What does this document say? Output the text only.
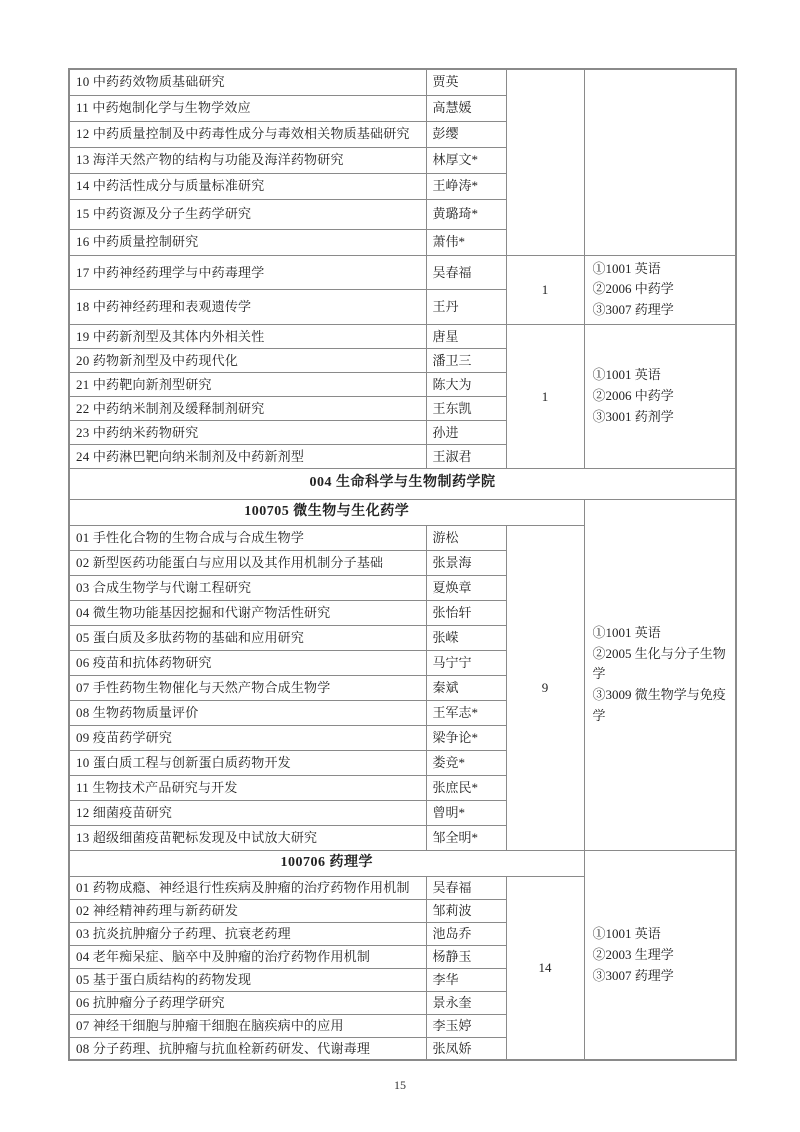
10 中药药效物质基础研究	贾英		
11 中药炮制化学与生物学效应	高慧媛		
12 中药质量控制及中药毒性成分与毒效相关物质基础研究	彭缨		
13 海洋天然产物的结构与功能及海洋药物研究	林厚文*		
14 中药活性成分与质量标准研究	王峥涛*		
15 中药资源及分子生药学研究	黄璐琦*		
16 中药质量控制研究	萧伟*		
17 中药神经药理学与中药毒理学	吴春福	1	①1001 英语
②2006 中药学
③3007 药理学

18 中药神经药理和表观遗传学	王丹		
19 中药新剂型及其体内外相关性	唐星	1	①1001 英语
②2006 中药学
③3001 药剂学

20 药物新剂型及中药现代化	潘卫三		
21 中药靶向新剂型研究	陈大为		
22 中药纳米制剂及缓释制剂研究	王东凯		
23 中药纳米药物研究	孙进		
24 中药淋巴靶向纳米制剂及中药新剂型	王淑君		
004 生命科学与生物制药学院			
100705 微生物与生化药学			①1001 英语
②2005 生化与分子生物学
③3009 微生物学与免疫学

01 手性化合物的生物合成与合成生物学	游松	9	
02 新型医药功能蛋白与应用以及其作用机制分子基础	张景海		
03 合成生物学与代谢工程研究	夏焕章		
04 微生物功能基因挖掘和代谢产物活性研究	张怡轩		
05 蛋白质及多肽药物的基础和应用研究	张嵘		
06 疫苗和抗体药物研究	马宁宁		
07 手性药物生物催化与天然产物合成生物学	秦斌		
08 生物药物质量评价	王军志*		
09 疫苗药学研究	梁争论*		
10 蛋白质工程与创新蛋白质药物开发	娄竞*		
11 生物技术产品研究与开发	张庶民*		
12 细菌疫苗研究	曾明*		
13 超级细菌疫苗靶标发现及中试放大研究	邹全明*		
100706 药理学			①1001 英语
②2003 生理学
③3007 药理学

01 药物成瘾、神经退行性疾病及肿瘤的治疗药物作用机制	吴春福	14	
02 神经精神药理与新药研发	邹莉波		
03 抗炎抗肿瘤分子药理、抗衰老药理	池岛乔		
04 老年痴呆症、脑卒中及肿瘤的治疗药物作用机制	杨静玉		
05 基于蛋白质结构的药物发现	李华		
06 抗肿瘤分子药理学研究	景永奎		
07 神经干细胞与肿瘤干细胞在脑疾病中的应用	李玉婷		
08 分子药理、抗肿瘤与抗血栓新药研发、代谢毒理	张凤娇		
15
